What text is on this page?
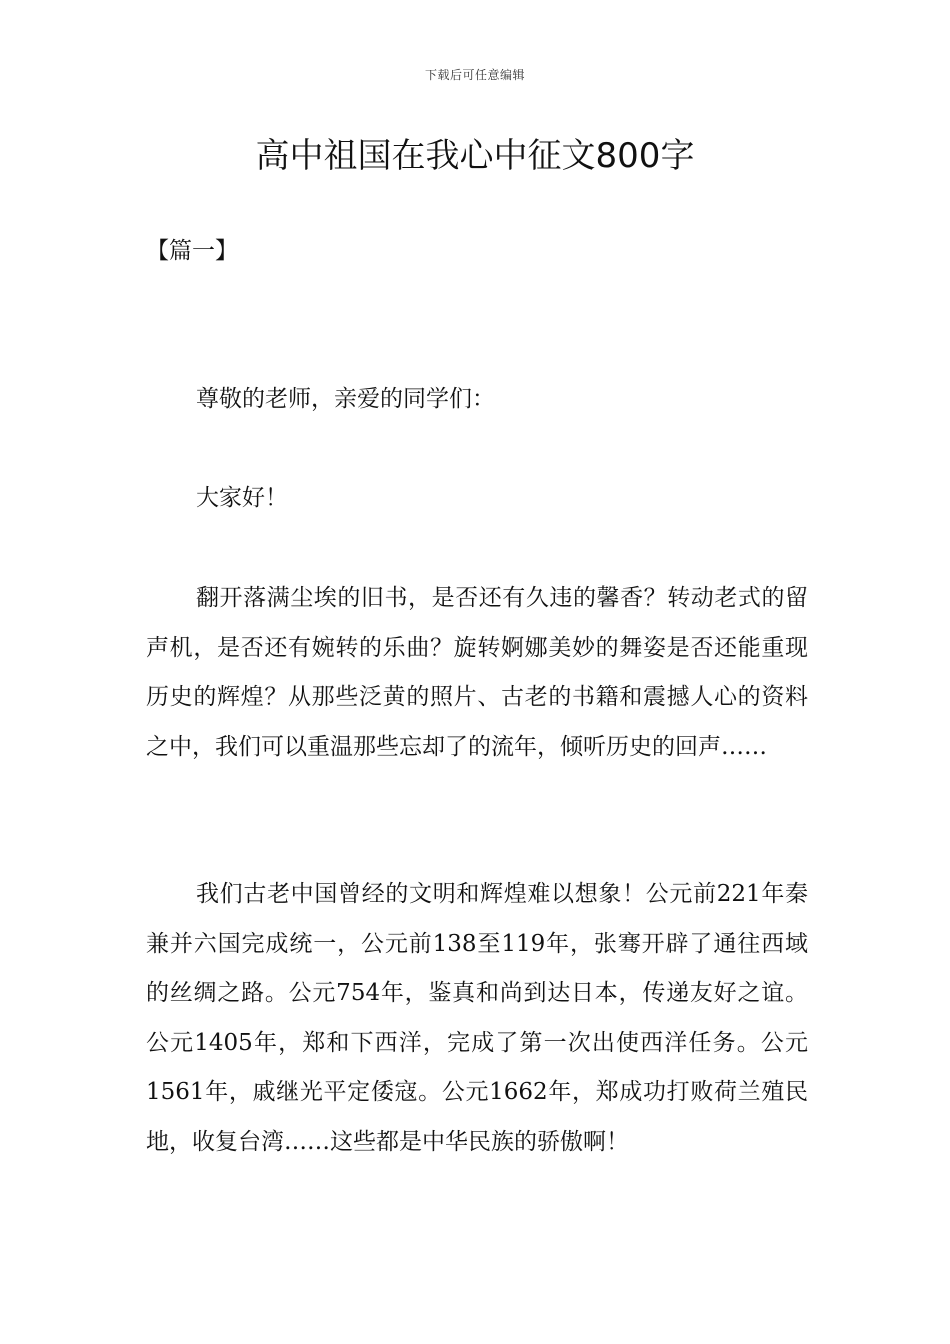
下载后可任意编辑
高中祖国在我心中征文800字
【篇一】

尊敬的老师，亲爱的同学们：

大家好！

翻开落满尘埃的旧书，是否还有久违的馨香？转动老式的留声机，是否还有婉转的乐曲？旋转婀娜美妙的舞姿是否还能重现历史的辉煌？从那些泛黄的照片、古老的书籍和震撼人心的资料之中，我们可以重温那些忘却了的流年，倾听历史的回声……

我们古老中国曾经的文明和辉煌难以想象！公元前221年秦兼并六国完成统一，公元前138至119年，张骞开辟了通往西域的丝绸之路。公元754年，鉴真和尚到达日本，传递友好之谊。公元1405年，郑和下西洋，完成了第一次出使西洋任务。公元1561年，戚继光平定倭寇。公元1662年，郑成功打败荷兰殖民地，收复台湾……这些都是中华民族的骄傲啊！
